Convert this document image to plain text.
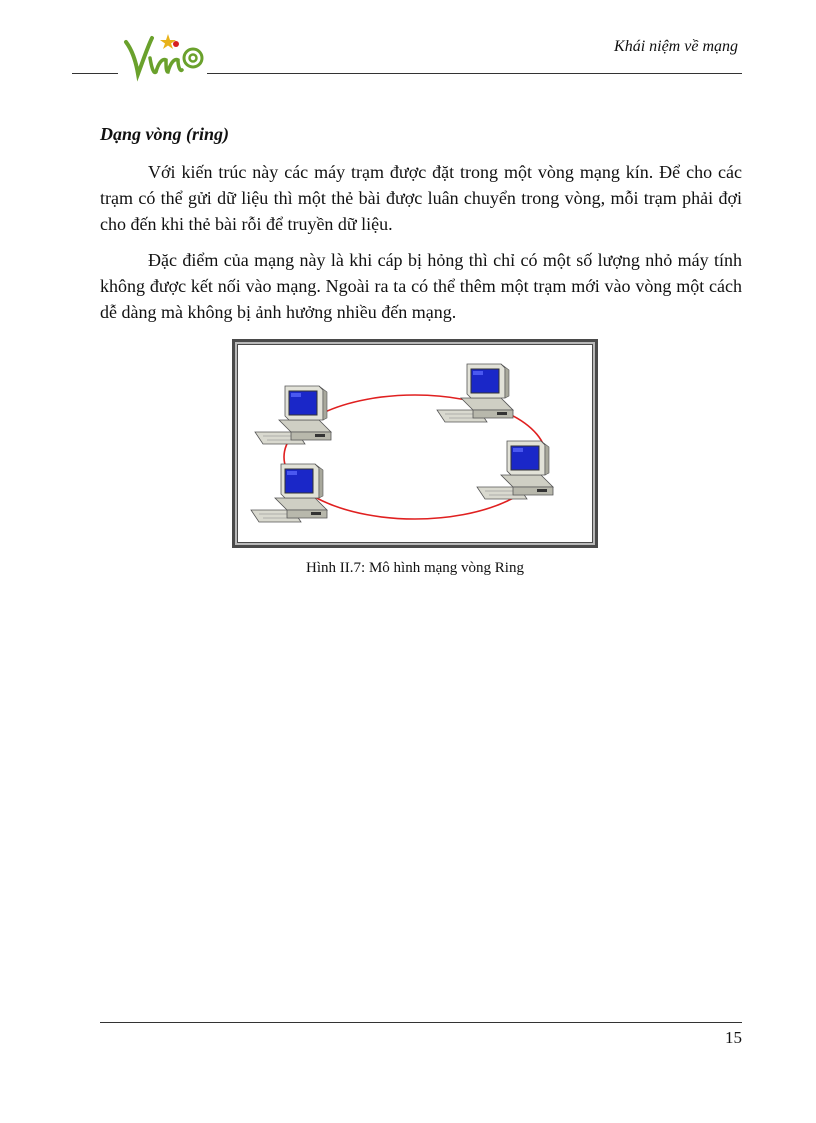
Khái niệm về mạng
Dạng vòng (ring)

Với kiến trúc này các máy trạm được đặt trong một vòng mạng kín. Để cho các trạm có thể gửi dữ liệu thì một thẻ bài được luân chuyển trong vòng, mỗi trạm phải đợi cho đến khi thẻ bài rỗi để truyền dữ liệu.

Đặc điểm của mạng này là khi cáp bị hỏng thì chỉ có một số lượng nhỏ máy tính không được kết nối vào mạng. Ngoài ra ta có thể thêm một trạm mới vào vòng một cách dễ dàng mà không bị ảnh hưởng nhiều đến mạng.

Hình II.7: Mô hình mạng vòng Ring
15
